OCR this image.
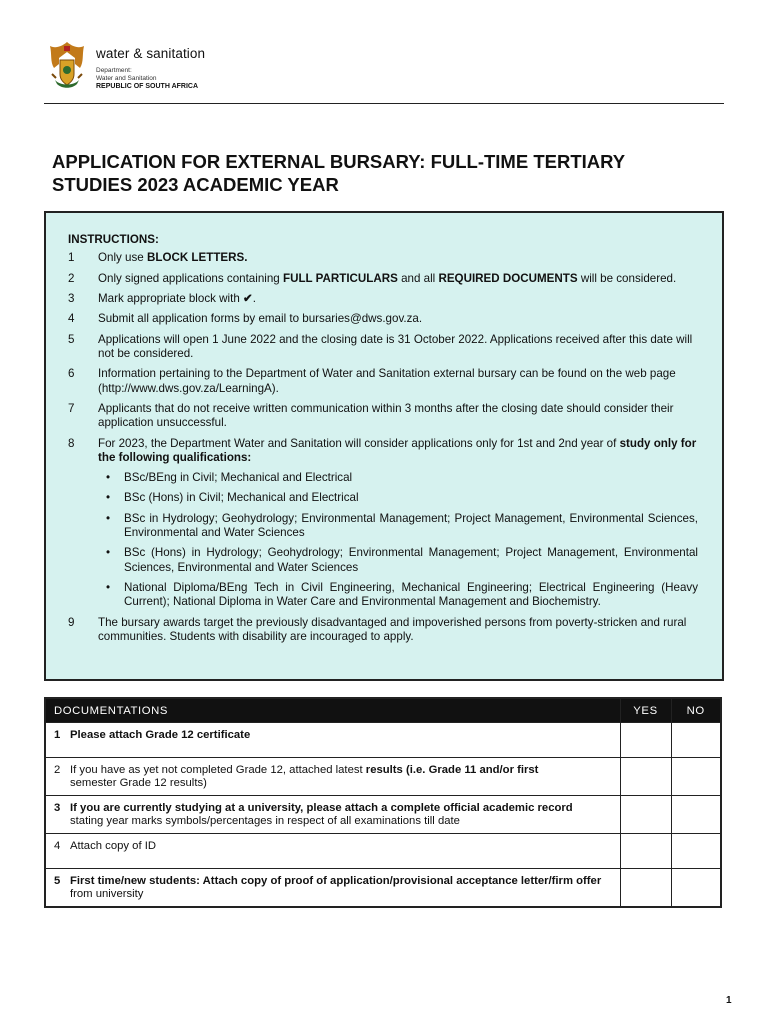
water & sanitation
Department:
Water and Sanitation
REPUBLIC OF SOUTH AFRICA
APPLICATION FOR EXTERNAL BURSARY: FULL-TIME TERTIARY
STUDIES 2023 ACADEMIC YEAR
INSTRUCTIONS:
1	Only use BLOCK LETTERS.
2	Only signed applications containing FULL PARTICULARS and all REQUIRED DOCUMENTS will be considered.
3	Mark appropriate block with ✔.
4	Submit all application forms by email to bursaries@dws.gov.za.
5	Applications will open 1 June 2022 and the closing date is 31 October 2022. Applications received after this date will not be considered.
6	Information pertaining to the Department of Water and Sanitation external bursary can be found on the web page (http://www.dws.gov.za/LearningA).
7	Applicants that do not receive written communication within 3 months after the closing date should consider their application unsuccessful.
8	For 2023, the Department Water and Sanitation will consider applications only for 1st and 2nd year of study only for the following qualifications:
• BSc/BEng in Civil; Mechanical and Electrical
• BSc (Hons) in Civil; Mechanical and Electrical
• BSc in Hydrology; Geohydrology; Environmental Management; Project Management, Environmental Sciences, Environmental and Water Sciences
• BSc (Hons) in Hydrology; Geohydrology; Environmental Management; Project Management, Environmental Sciences, Environmental and Water Sciences
• National Diploma/BEng Tech in Civil Engineering, Mechanical Engineering; Electrical Engineering (Heavy Current); National Diploma in Water Care and Environmental Management and Biochemistry.
9	The bursary awards target the previously disadvantaged and impoverished persons from poverty-stricken and rural communities. Students with disability are incouraged to apply.
DOCUMENTATIONS	YES	NO
1 Please attach Grade 12 certificate		
2 If you have as yet not completed Grade 12, attached latest results (i.e. Grade 11 and/or first
semester Grade 12 results)		

3 If you are currently studying at a university, please attach a complete official academic record
stating year marks symbols/percentages in respect of all examinations till date		

4 Attach copy of ID		
5 First time/new students: Attach copy of proof of application/provisional acceptance letter/firm offer
from university		

1
